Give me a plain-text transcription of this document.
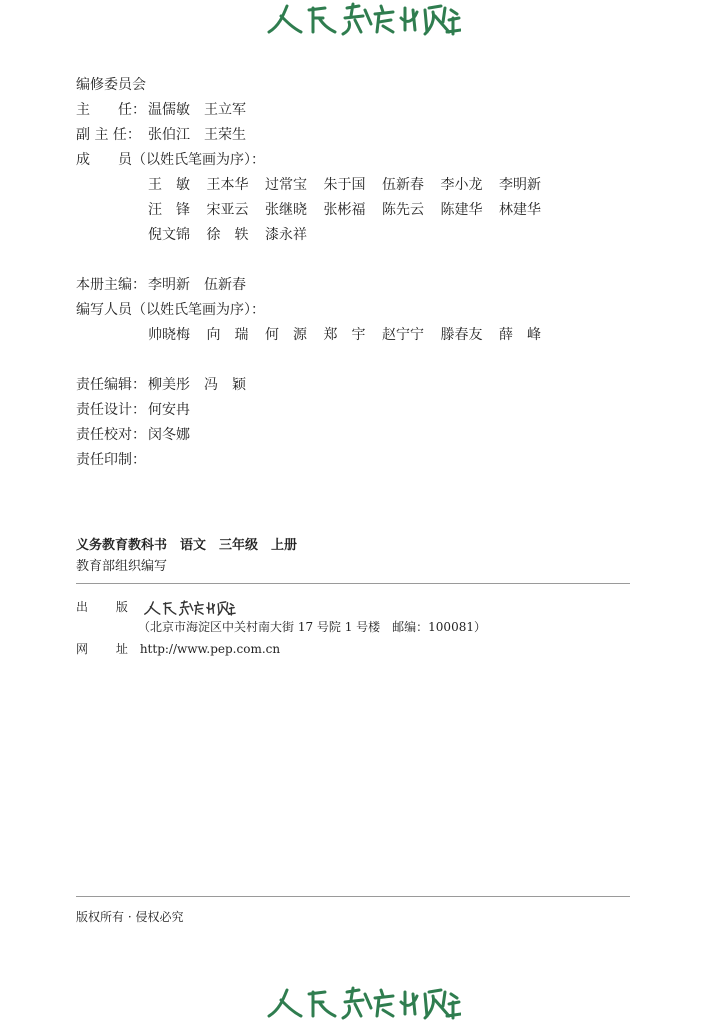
编修委员会
主　　任： 温儒敏　王立军
副 主 任： 张伯江　王荣生
成　　员（以姓氏笔画为序）：
王　敏	王本华	过常宝	朱于国	伍新春	李小龙	李明新
汪　锋	宋亚云	张继晓	张彬福	陈先云	陈建华	林建华
倪文锦	徐　轶	漆永祥
本册主编： 李明新　伍新春
编写人员（以姓氏笔画为序）：
帅晓梅	向　瑞	何　源	郑　宇	赵宁宁	滕春友	薛　峰
责任编辑： 柳美彤　冯　颖
责任设计： 何安冉
责任校对： 闵冬娜
责任印制：
义务教育教科书　语文　三年级　上册
教育部组织编写
出 版
（北京市海淀区中关村南大街 17 号院 1 号楼　邮编：100081）
网 址 http://www.pep.com.cn
版权所有 · 侵权必究
